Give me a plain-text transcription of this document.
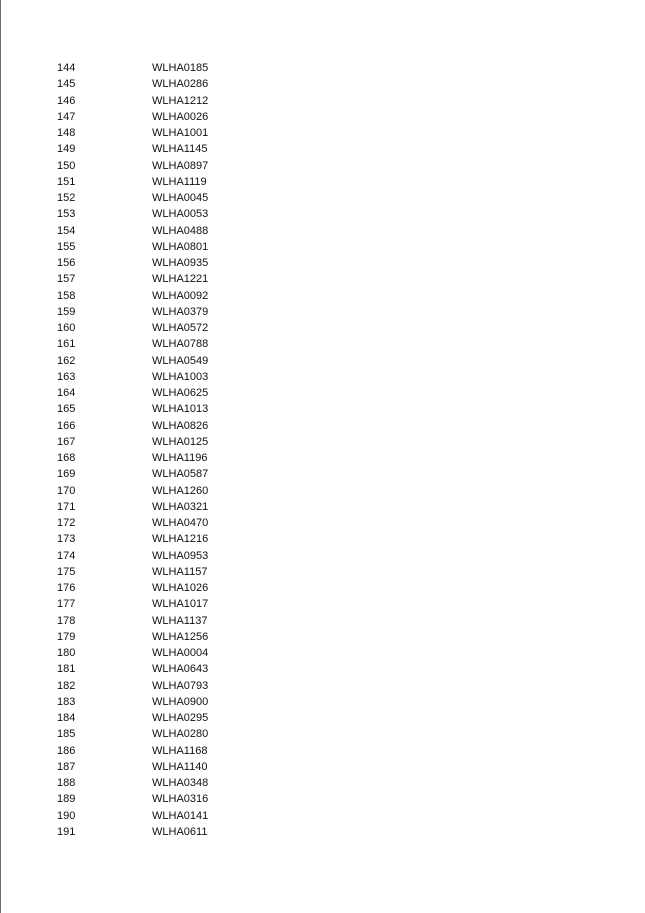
144	WLHA0185
145	WLHA0286
146	WLHA1212
147	WLHA0026
148	WLHA1001
149	WLHA1145
150	WLHA0897
151	WLHA1119
152	WLHA0045
153	WLHA0053
154	WLHA0488
155	WLHA0801
156	WLHA0935
157	WLHA1221
158	WLHA0092
159	WLHA0379
160	WLHA0572
161	WLHA0788
162	WLHA0549
163	WLHA1003
164	WLHA0625
165	WLHA1013
166	WLHA0826
167	WLHA0125
168	WLHA1196
169	WLHA0587
170	WLHA1260
171	WLHA0321
172	WLHA0470
173	WLHA1216
174	WLHA0953
175	WLHA1157
176	WLHA1026
177	WLHA1017
178	WLHA1137
179	WLHA1256
180	WLHA0004
181	WLHA0643
182	WLHA0793
183	WLHA0900
184	WLHA0295
185	WLHA0280
186	WLHA1168
187	WLHA1140
188	WLHA0348
189	WLHA0316
190	WLHA0141
191	WLHA0611
